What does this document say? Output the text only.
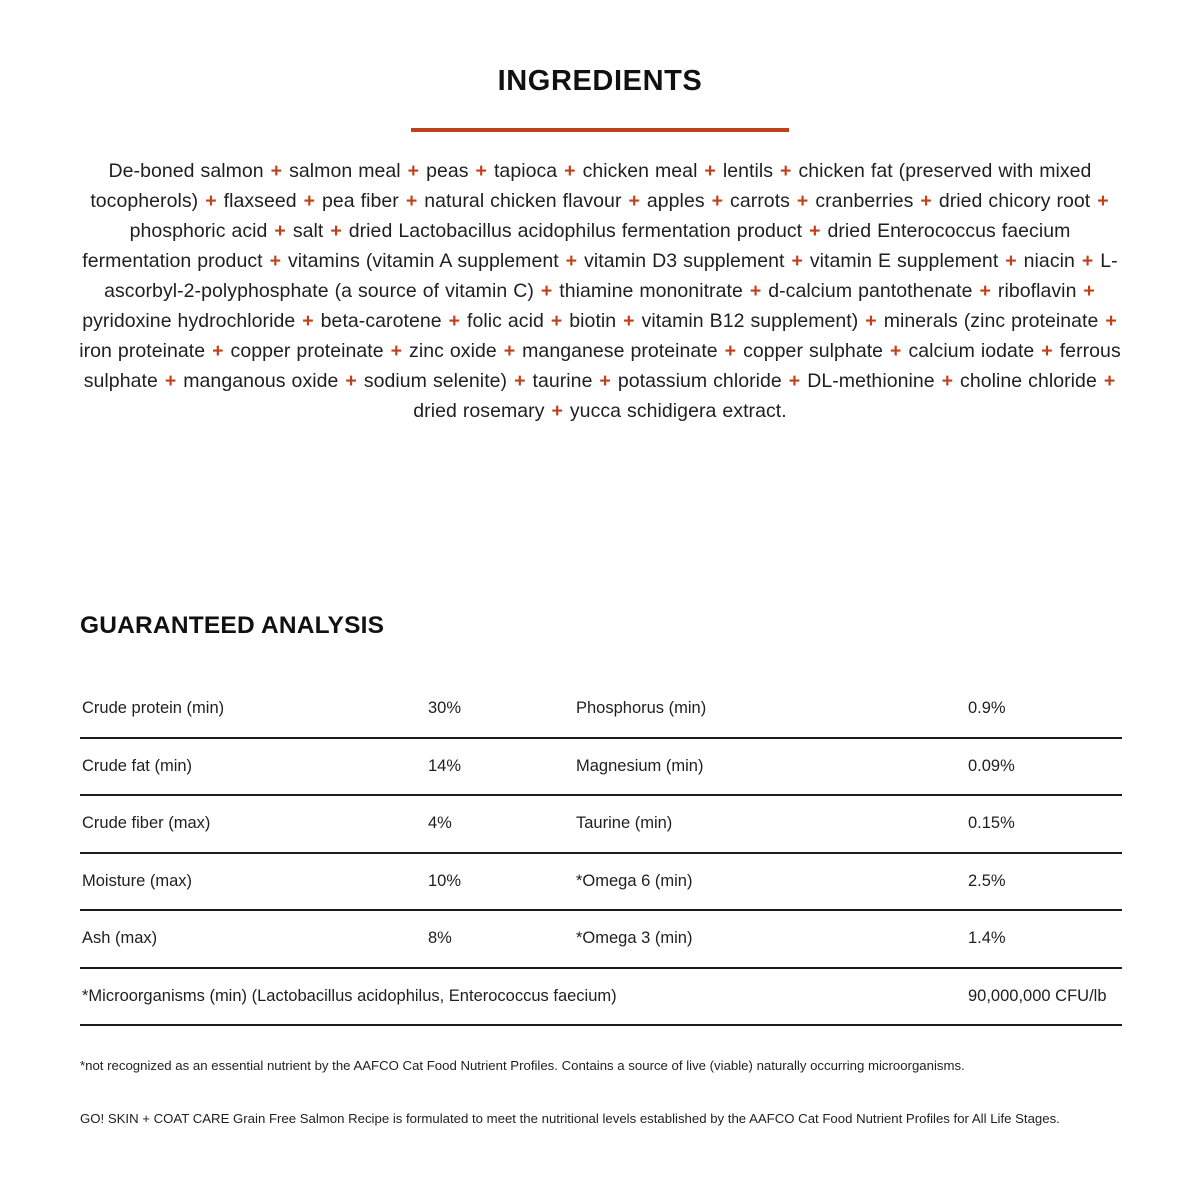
INGREDIENTS

De-boned salmon + salmon meal + peas + tapioca + chicken meal + lentils + chicken fat (preserved with mixed tocopherols) + flaxseed + pea fiber + natural chicken flavour + apples + carrots + cranberries + dried chicory root + phosphoric acid + salt + dried Lactobacillus acidophilus fermentation product + dried Enterococcus faecium fermentation product + vitamins (vitamin A supplement + vitamin D3 supplement + vitamin E supplement + niacin + L-ascorbyl-2-polyphosphate (a source of vitamin C) + thiamine mononitrate + d-calcium pantothenate + riboflavin + pyridoxine hydrochloride + beta-carotene + folic acid + biotin + vitamin B12 supplement) + minerals (zinc proteinate + iron proteinate + copper proteinate + zinc oxide + manganese proteinate + copper sulphate + calcium iodate + ferrous sulphate + manganous oxide + sodium selenite) + taurine + potassium chloride + DL-methionine + choline chloride + dried rosemary + yucca schidigera extract.

GUARANTEED ANALYSIS
Crude protein (min)	30%	Phosphorus (min)	0.9%
Crude fat (min)	14%	Magnesium (min)	0.09%
Crude fiber (max)	4%	Taurine (min)	0.15%
Moisture (max)	10%	*Omega 6 (min)	2.5%
Ash (max)	8%	*Omega 3 (min)	1.4%
*Microorganisms (min) (Lactobacillus acidophilus, Enterococcus faecium)			90,000,000 CFU/lb
*not recognized as an essential nutrient by the AAFCO Cat Food Nutrient Profiles. Contains a source of live (viable) naturally occurring microorganisms.
GO! SKIN + COAT CARE Grain Free Salmon Recipe is formulated to meet the nutritional levels established by the AAFCO Cat Food Nutrient Profiles for All Life Stages.
